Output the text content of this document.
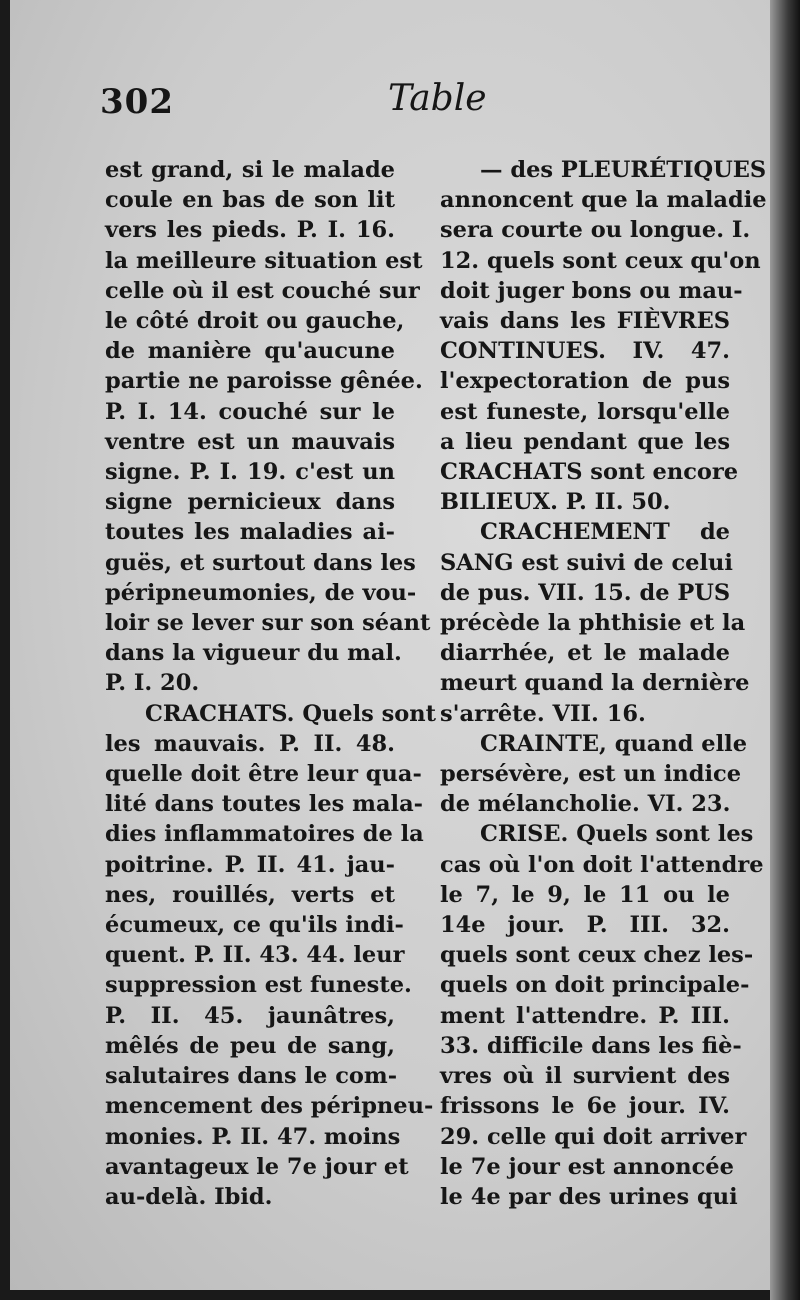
302	Table
est grand, si le malade
coule en bas de son lit
vers les pieds. P. I. 16.
la meilleure situation est
celle où il est couché sur
le côté droit ou gauche,
de manière qu'aucune
partie ne paroisse gênée.
P. I. 14. couché sur le
ventre est un mauvais
signe. P. I. 19. c'est un
signe pernicieux dans
toutes les maladies ai-
guës, et surtout dans les
péripneumonies, de vou-
loir se lever sur son séant
dans la vigueur du mal.
P. I. 20.
CRACHATS. Quels sont
les mauvais. P. II. 48.
quelle doit être leur qua-
lité dans toutes les mala-
dies inflammatoires de la
poitrine. P. II. 41. jau-
nes, rouillés, verts et
écumeux, ce qu'ils indi-
quent. P. II. 43. 44. leur
suppression est funeste.
P. II. 45. jaunâtres,
mêlés de peu de sang,
salutaires dans le com-
mencement des péripneu-
monies. P. II. 47. moins
avantageux le 7e jour et
au-delà. Ibid.
— des PLEURÉTIQUES
annoncent que la maladie
sera courte ou longue. I.
12. quels sont ceux qu'on
doit juger bons ou mau-
vais dans les FIÈVRES
CONTINUES. IV. 47.
l'expectoration de pus
est funeste, lorsqu'elle
a lieu pendant que les
CRACHATS sont encore
BILIEUX. P. II. 50.
CRACHEMENT de
SANG est suivi de celui
de pus. VII. 15. de PUS
précède la phthisie et la
diarrhée, et le malade
meurt quand la dernière
s'arrête. VII. 16.
CRAINTE, quand elle
persévère, est un indice
de mélancholie. VI. 23.
CRISE. Quels sont les
cas où l'on doit l'attendre
le 7, le 9, le 11 ou le
14e jour. P. III. 32.
quels sont ceux chez les-
quels on doit principale-
ment l'attendre. P. III.
33. difficile dans les fiè-
vres où il survient des
frissons le 6e jour. IV.
29. celle qui doit arriver
le 7e jour est annoncée
le 4e par des urines qui
